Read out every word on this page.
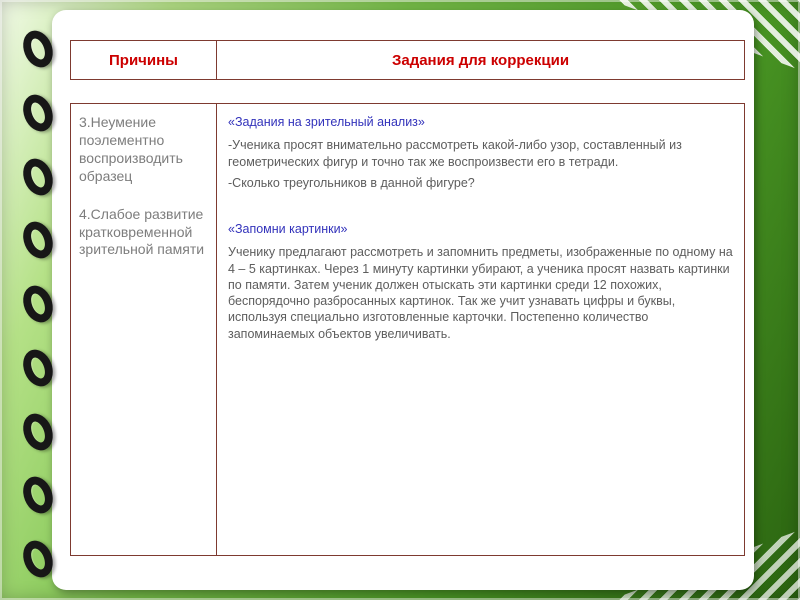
Причины	Задания для коррекции

3.Неумение поэлементно воспроизводить образец

4.Слабое развитие кратковременной зрительной памяти

«Задания на зрительный анализ»

-Ученика просят внимательно рассмотреть какой-либо узор, составленный из геометрических фигур и точно так же воспроизвести его в тетради.

-Сколько треугольников в данной фигуре?

«Запомни картинки»

Ученику предлагают рассмотреть и запомнить предметы, изображенные по одному на 4 – 5 картинках. Через 1 минуту картинки убирают, а ученика просят назвать картинки по памяти. Затем ученик должен отыскать эти картинки среди 12 похожих, беспорядочно разбросанных картинок. Так же учит узнавать цифры и буквы, используя специально изготовленные карточки. Постепенно количество запоминаемых объектов увеличивать.
